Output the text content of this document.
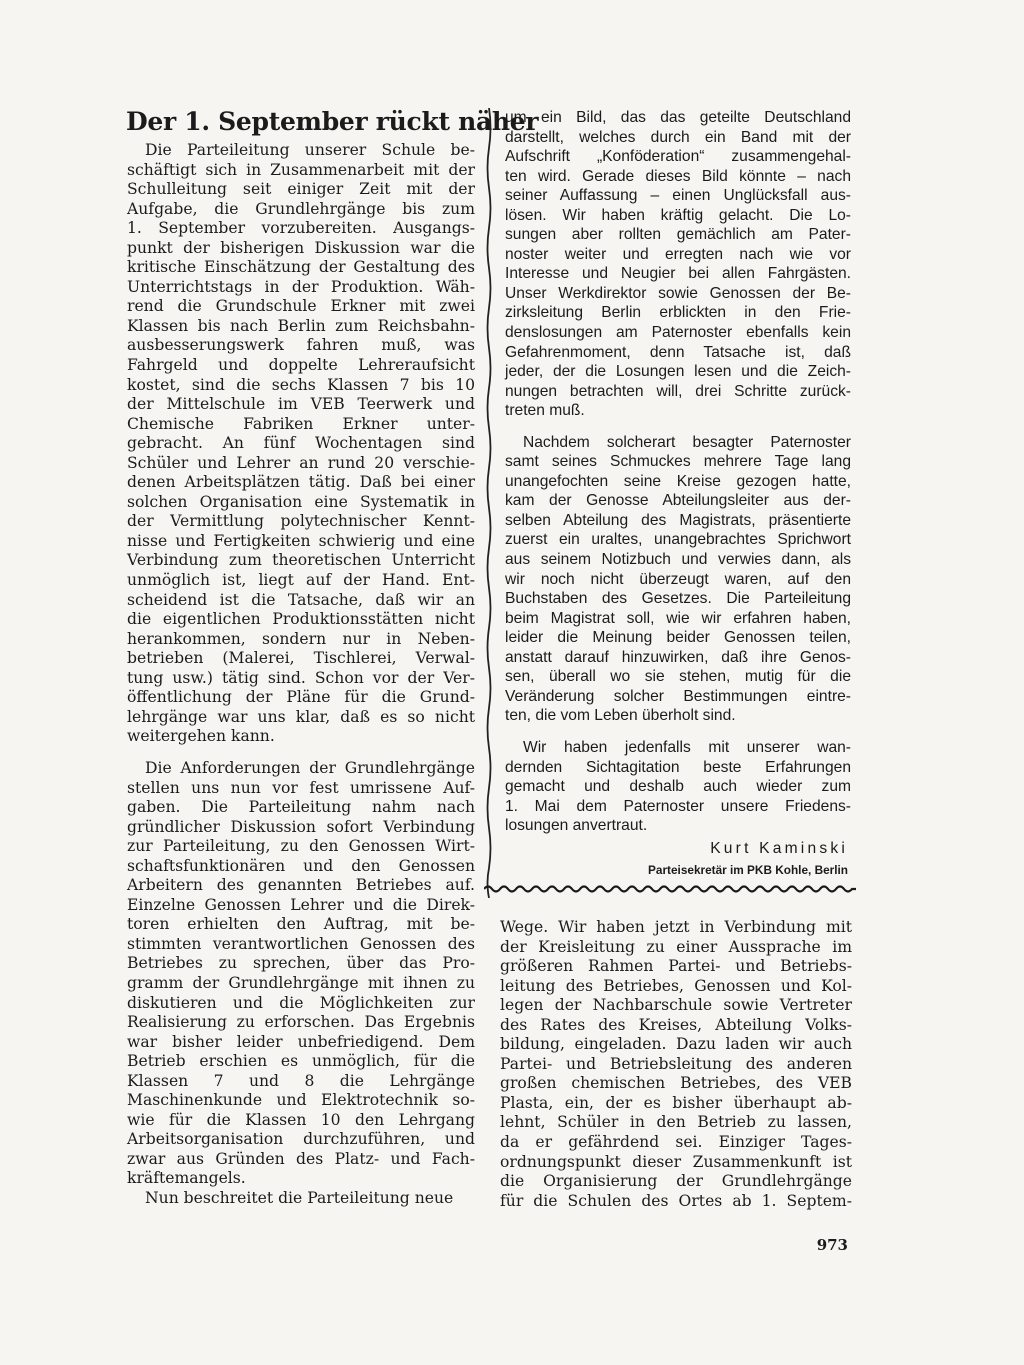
Der 1. September rückt näher
Die Parteileitung unserer Schule be-
schäftigt sich in Zusammenarbeit mit der
Schulleitung seit einiger Zeit mit der
Aufgabe, die Grundlehrgänge bis zum
1. September vorzubereiten. Ausgangs-
punkt der bisherigen Diskussion war die
kritische Einschätzung der Gestaltung des
Unterrichtstags in der Produktion. Wäh-
rend die Grundschule Erkner mit zwei
Klassen bis nach Berlin zum Reichsbahn-
ausbesserungswerk fahren muß, was
Fahrgeld und doppelte Lehreraufsicht
kostet, sind die sechs Klassen 7 bis 10
der Mittelschule im VEB Teerwerk und
Chemische Fabriken Erkner unter-
gebracht. An fünf Wochentagen sind
Schüler und Lehrer an rund 20 verschie-
denen Arbeitsplätzen tätig. Daß bei einer
solchen Organisation eine Systematik in
der Vermittlung polytechnischer Kennt-
nisse und Fertigkeiten schwierig und eine
Verbindung zum theoretischen Unterricht
unmöglich ist, liegt auf der Hand. Ent-
scheidend ist die Tatsache, daß wir an
die eigentlichen Produktionsstätten nicht
herankommen, sondern nur in Neben-
betrieben (Malerei, Tischlerei, Verwal-
tung usw.) tätig sind. Schon vor der Ver-
öffentlichung der Pläne für die Grund-
lehrgänge war uns klar, daß es so nicht
weitergehen kann.
Die Anforderungen der Grundlehrgänge
stellen uns nun vor fest umrissene Auf-
gaben. Die Parteileitung nahm nach
gründlicher Diskussion sofort Verbindung
zur Parteileitung, zu den Genossen Wirt-
schaftsfunktionären und den Genossen
Arbeitern des genannten Betriebes auf.
Einzelne Genossen Lehrer und die Direk-
toren erhielten den Auftrag, mit be-
stimmten verantwortlichen Genossen des
Betriebes zu sprechen, über das Pro-
gramm der Grundlehrgänge mit ihnen zu
diskutieren und die Möglichkeiten zur
Realisierung zu erforschen. Das Ergebnis
war bisher leider unbefriedigend. Dem
Betrieb erschien es unmöglich, für die
Klassen 7 und 8 die Lehrgänge
Maschinenkunde und Elektrotechnik so-
wie für die Klassen 10 den Lehrgang
Arbeitsorganisation durchzuführen, und
zwar aus Gründen des Platz- und Fach-
kräftemangels.
Nun beschreitet die Parteileitung neue
um ein Bild, das das geteilte Deutschland
darstellt, welches durch ein Band mit der
Aufschrift „Konföderation“ zusammengehal-
ten wird. Gerade dieses Bild könnte – nach
seiner Auffassung – einen Unglücksfall aus-
lösen. Wir haben kräftig gelacht. Die Lo-
sungen aber rollten gemächlich am Pater-
noster weiter und erregten nach wie vor
Interesse und Neugier bei allen Fahrgästen.
Unser Werkdirektor sowie Genossen der Be-
zirksleitung Berlin erblickten in den Frie-
denslosungen am Paternoster ebenfalls kein
Gefahrenmoment, denn Tatsache ist, daß
jeder, der die Losungen lesen und die Zeich-
nungen betrachten will, drei Schritte zurück-
treten muß.
Nachdem solcherart besagter Paternoster
samt seines Schmuckes mehrere Tage lang
unangefochten seine Kreise gezogen hatte,
kam der Genosse Abteilungsleiter aus der-
selben Abteilung des Magistrats, präsentierte
zuerst ein uraltes, unangebrachtes Sprichwort
aus seinem Notizbuch und verwies dann, als
wir noch nicht überzeugt waren, auf den
Buchstaben des Gesetzes. Die Parteileitung
beim Magistrat soll, wie wir erfahren haben,
leider die Meinung beider Genossen teilen,
anstatt darauf hinzuwirken, daß ihre Genos-
sen, überall wo sie stehen, mutig für die
Veränderung solcher Bestimmungen eintre-
ten, die vom Leben überholt sind.
Wir haben jedenfalls mit unserer wan-
dernden Sichtagitation beste Erfahrungen
gemacht und deshalb auch wieder zum
1. Mai dem Paternoster unsere Friedens-
losungen anvertraut.
Kurt Kaminski
Parteisekretär im PKB Kohle, Berlin
Wege. Wir haben jetzt in Verbindung mit
der Kreisleitung zu einer Aussprache im
größeren Rahmen Partei- und Betriebs-
leitung des Betriebes, Genossen und Kol-
legen der Nachbarschule sowie Vertreter
des Rates des Kreises, Abteilung Volks-
bildung, eingeladen. Dazu laden wir auch
Partei- und Betriebsleitung des anderen
großen chemischen Betriebes, des VEB
Plasta, ein, der es bisher überhaupt ab-
lehnt, Schüler in den Betrieb zu lassen,
da er gefährdend sei. Einziger Tages-
ordnungspunkt dieser Zusammenkunft ist
die Organisierung der Grundlehrgänge
für die Schulen des Ortes ab 1. Septem-
973
